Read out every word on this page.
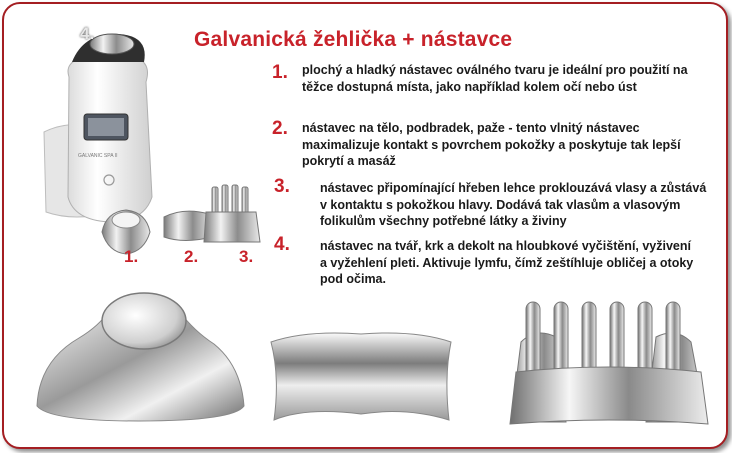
Galvanická žehlička + nástavce
GALVANIC SPA II
4.
1.	2. 3.
1. plochý a hladký nástavec oválného tvaru je ideální pro použití na těžce dostupná místa, jako například kolem očí nebo úst
2. nástavec na tělo, podbradek, paže - tento vlnitý nástavec maximalizuje kontakt s povrchem pokožky a poskytuje tak lepší pokrytí a masáž
3. nástavec připomínající hřeben lehce proklouzává vlasy a zůstává v kontaktu s pokožkou hlavy. Dodává tak vlasům a vlasovým folikulům všechny potřebné látky a živiny
4. nástavec na tvář, krk a dekolt na hloubkové vyčištění, vyživení a vyžehlení pleti. Aktivuje lymfu, čímž zeštíhluje obličej a otoky pod očima.
